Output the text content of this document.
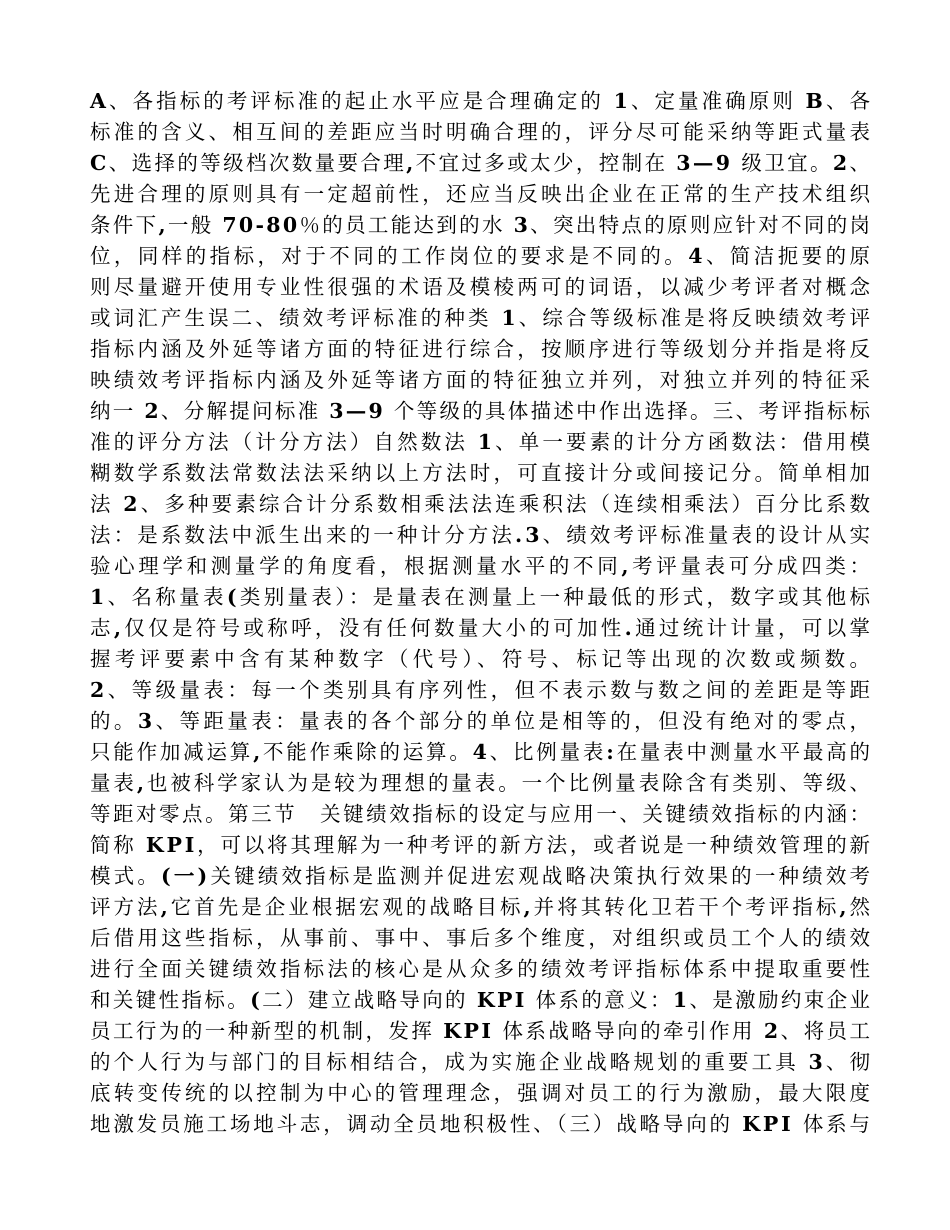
A、各指标的考评标准的起止水平应是合理确定的 1、定量准确原则 B、各
标准的含义、相互间的差距应当时明确合理的，评分尽可能采纳等距式量表
C、选择的等级档次数量要合理,不宜过多或太少，控制在 3—9 级卫宜。2、
先进合理的原则具有一定超前性，还应当反映出企业在正常的生产技术组织
条件下,一般 70-80％的员工能达到的水 3、突出特点的原则应针对不同的岗
位，同样的指标，对于不同的工作岗位的要求是不同的。4、简洁扼要的原
则尽量避开使用专业性很强的术语及模棱两可的词语，以减少考评者对概念
或词汇产生误二、绩效考评标准的种类 1、综合等级标准是将反映绩效考评
指标内涵及外延等诸方面的特征进行综合，按顺序进行等级划分并指是将反
映绩效考评指标内涵及外延等诸方面的特征独立并列，对独立并列的特征采
纳一 2、分解提问标准 3—9 个等级的具体描述中作出选择。三、考评指标标
准的评分方法（计分方法）自然数法 1、单一要素的计分方函数法：借用模
糊数学系数法常数法法采纳以上方法时，可直接计分或间接记分。简单相加
法 2、多种要素综合计分系数相乘法法连乘积法（连续相乘法）百分比系数
法：是系数法中派生出来的一种计分方法.3、绩效考评标准量表的设计从实
验心理学和测量学的角度看，根据测量水平的不同,考评量表可分成四类：
1、名称量表(类别量表）：是量表在测量上一种最低的形式，数字或其他标
志,仅仅是符号或称呼，没有任何数量大小的可加性.通过统计计量，可以掌
握考评要素中含有某种数字（代号）、符号、标记等出现的次数或频数。
2、等级量表：每一个类别具有序列性，但不表示数与数之间的差距是等距
的。3、等距量表：量表的各个部分的单位是相等的，但没有绝对的零点，
只能作加减运算,不能作乘除的运算。4、比例量表:在量表中测量水平最高的
量表,也被科学家认为是较为理想的量表。一个比例量表除含有类别、等级、
等距对零点。第三节　关键绩效指标的设定与应用一、关键绩效指标的内涵：
简称 KPI，可以将其理解为一种考评的新方法，或者说是一种绩效管理的新
模式。(一)关键绩效指标是监测并促进宏观战略决策执行效果的一种绩效考
评方法,它首先是企业根据宏观的战略目标,并将其转化卫若干个考评指标,然
后借用这些指标，从事前、事中、事后多个维度，对组织或员工个人的绩效
进行全面关键绩效指标法的核心是从众多的绩效考评指标体系中提取重要性
和关键性指标。(二）建立战略导向的 KPI 体系的意义：1、是激励约束企业
员工行为的一种新型的机制，发挥 KPI 体系战略导向的牵引作用 2、将员工
的个人行为与部门的目标相结合，成为实施企业战略规划的重要工具 3、彻
底转变传统的以控制为中心的管理理念，强调对员工的行为激励，最大限度
地激发员施工场地斗志，调动全员地积极性、（三）战略导向的 KPI 体系与
